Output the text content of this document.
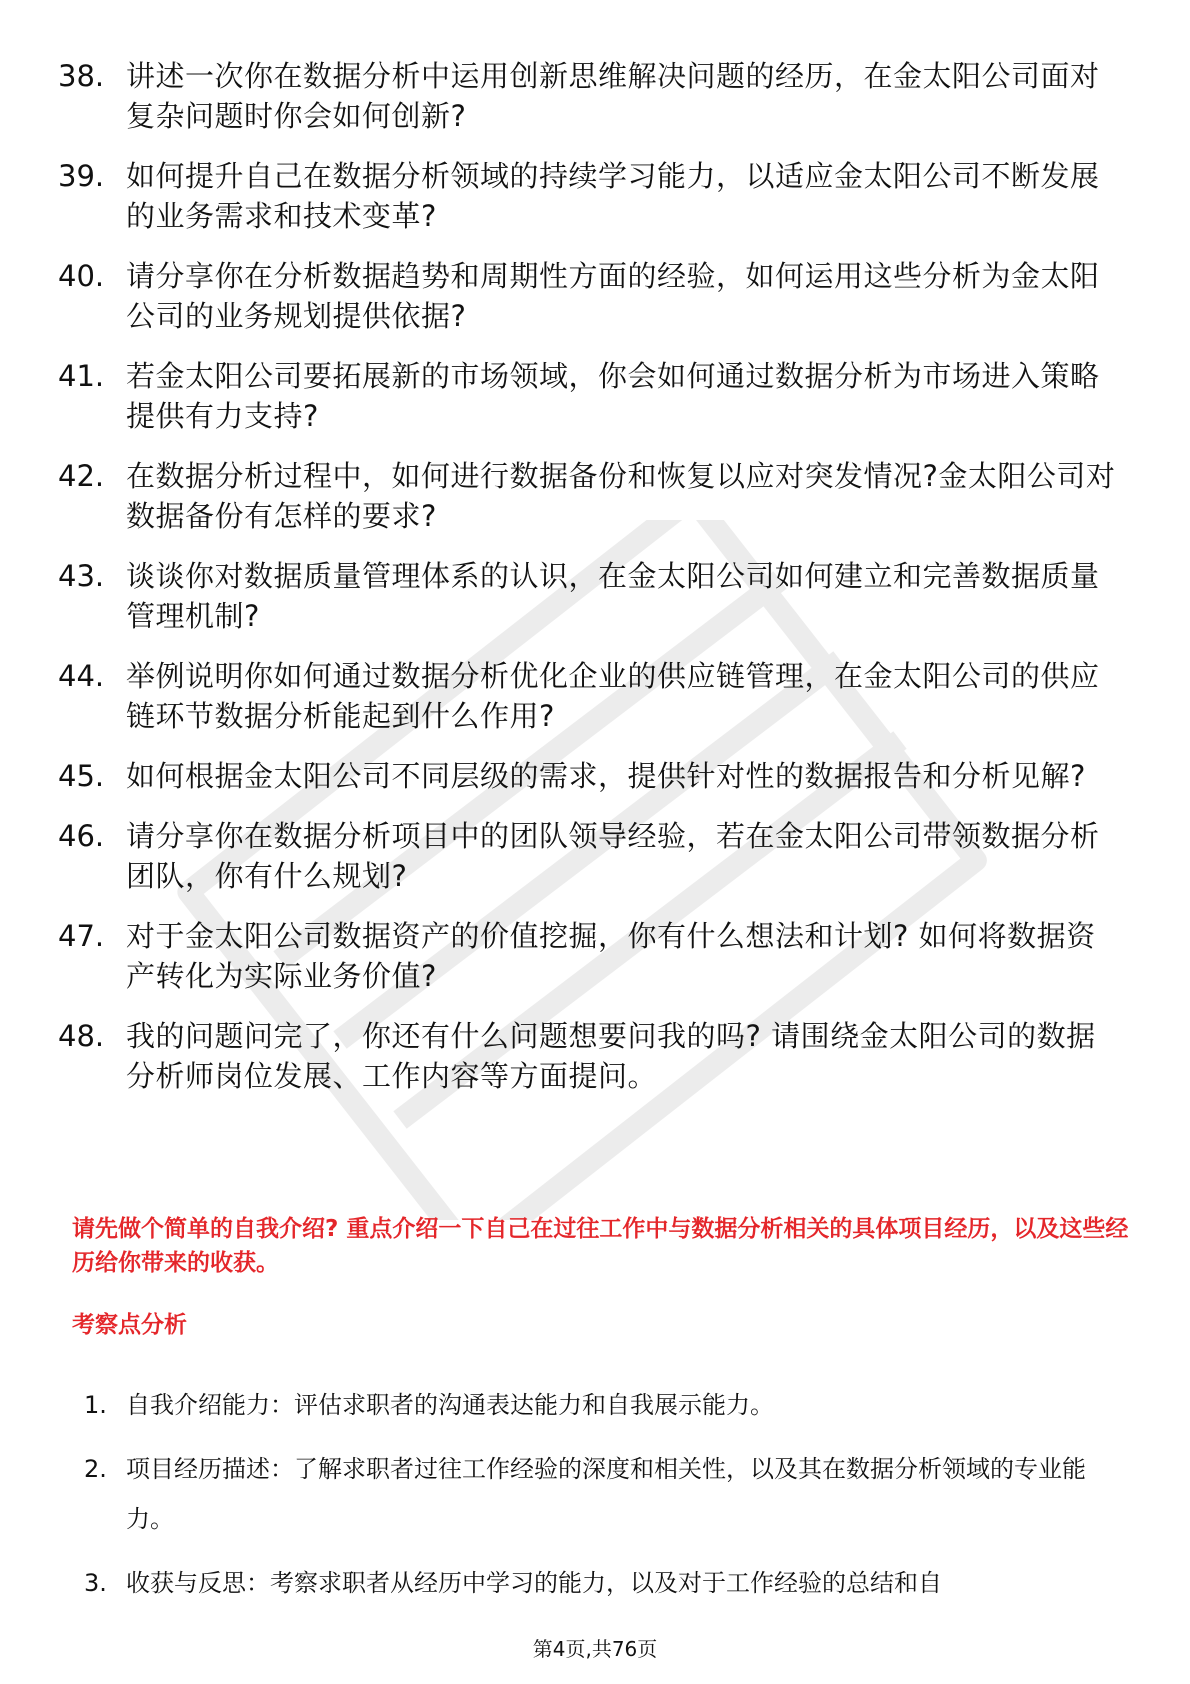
38. 讲述一次你在数据分析中运用创新思维解决问题的经历，在金太阳公司面对复杂问题时你会如何创新?
39. 如何提升自己在数据分析领域的持续学习能力，以适应金太阳公司不断发展的业务需求和技术变革?
40. 请分享你在分析数据趋势和周期性方面的经验，如何运用这些分析为金太阳公司的业务规划提供依据?
41. 若金太阳公司要拓展新的市场领域，你会如何通过数据分析为市场进入策略提供有力支持?
42. 在数据分析过程中，如何进行数据备份和恢复以应对突发情况?金太阳公司对数据备份有怎样的要求?
43. 谈谈你对数据质量管理体系的认识，在金太阳公司如何建立和完善数据质量管理机制?
44. 举例说明你如何通过数据分析优化企业的供应链管理，在金太阳公司的供应链环节数据分析能起到什么作用?
45. 如何根据金太阳公司不同层级的需求，提供针对性的数据报告和分析见解?
46. 请分享你在数据分析项目中的团队领导经验，若在金太阳公司带领数据分析团队，你有什么规划?
47. 对于金太阳公司数据资产的价值挖掘，你有什么想法和计划? 如何将数据资产转化为实际业务价值?
48. 我的问题问完了，你还有什么问题想要问我的吗? 请围绕金太阳公司的数据分析师岗位发展、工作内容等方面提问。
请先做个简单的自我介绍? 重点介绍一下自己在过往工作中与数据分析相关的具体项目经历，以及这些经历给你带来的收获。
考察点分析
1. 自我介绍能力：评估求职者的沟通表达能力和自我展示能力。
2. 项目经历描述：了解求职者过往工作经验的深度和相关性，以及其在数据分析领域的专业能力。
3. 收获与反思：考察求职者从经历中学习的能力，以及对于工作经验的总结和自
第4页,共76页
